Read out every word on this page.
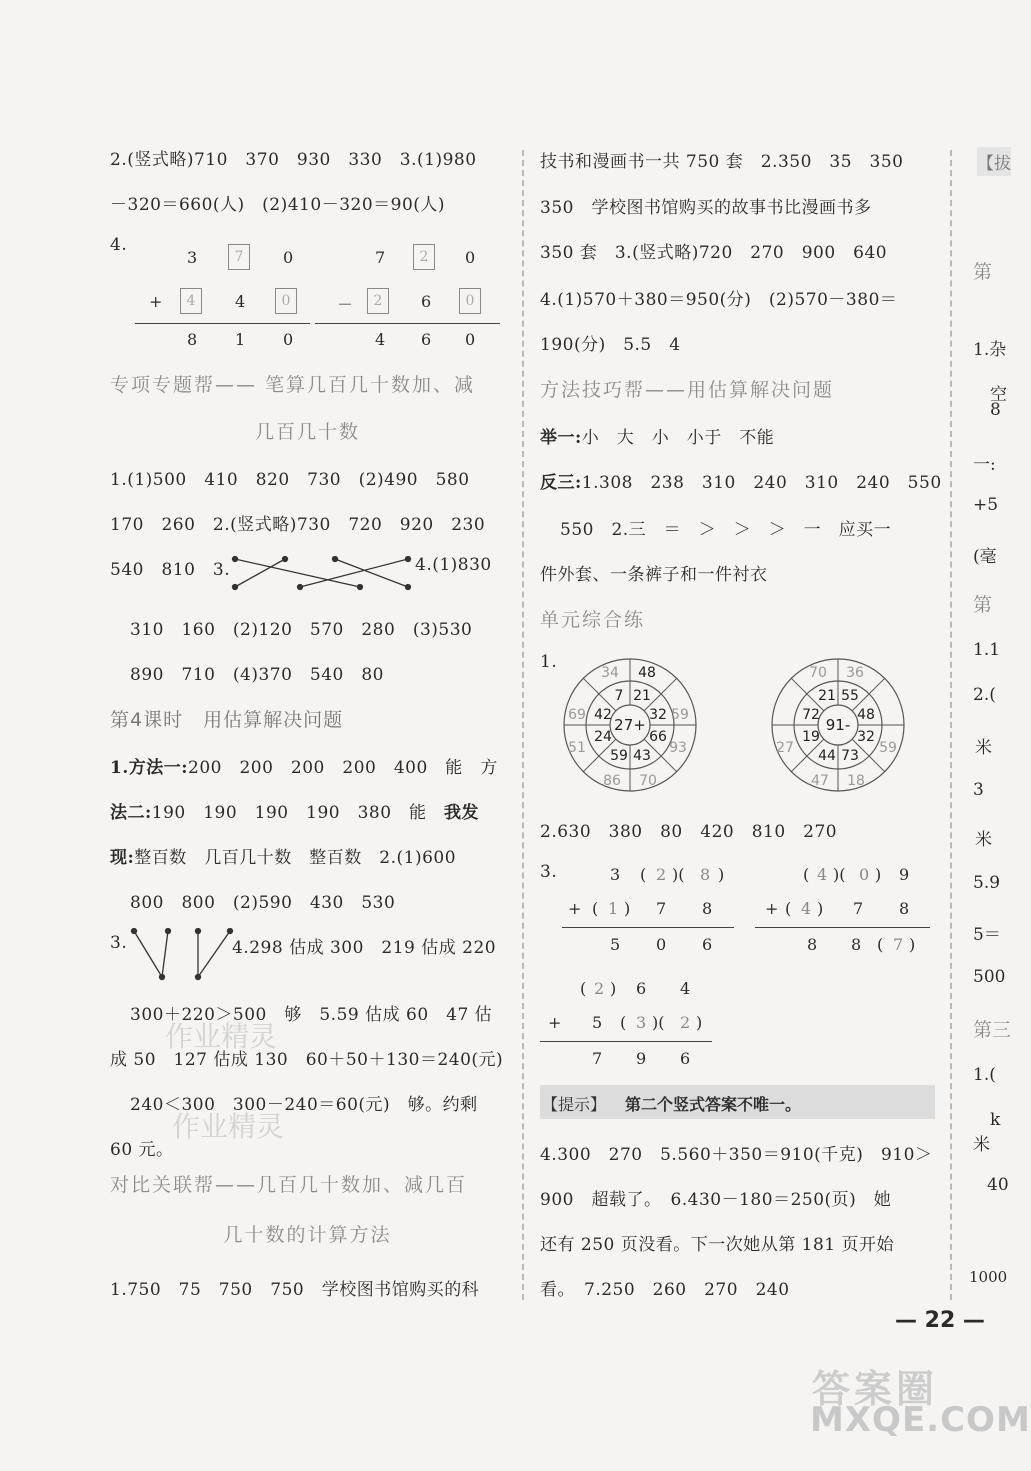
2.(竖式略)710　370　930　330　3.(1)980
－320＝660(人)　(2)410－320＝90(人)
4.
3	7	0
+	4	4	0
8 1 0
7	2	0
－	2	6	0
4 6 0
专项专题帮—— 笔算几百几十数加、减
几百几十数
1.(1)500　410　820　730　(2)490　580
170　260　2.(竖式略)730　720　920　230
540　810　3.	4.(1)830
310　160　(2)120　570　280　(3)530
890　710　(4)370　540　80
第4课时　用估算解决问题
1.方法一:200　200　200　200　400　能　方
法二:190　190　190　190　380　能　我发
现:整百数　几百几十数　整百数　2.(1)600
800　800　(2)590　430　530
3.	4.298 估成 300　219 估成 220
300＋220＞500　够　5.59 估成 60　47 估
成 50　127 估成 130　60＋50＋130＝240(元)
240＜300　300－240＝60(元)　够。约剩
60 元。
对比关联帮——几百几十数加、减几百
几十数的计算方法
1.750　75　750　750　学校图书馆购买的科
作业精灵
作业精灵
技书和漫画书一共 750 套　2.350　35　350
350　学校图书馆购买的故事书比漫画书多
350 套　3.(竖式略)720　270　900　640
4.(1)570＋380＝950(分)　(2)570－380＝
190(分)　5.5　4
方法技巧帮——用估算解决问题
举一:小　大　小　小于　不能
反三:1.308　238　310　240　310　240　550
550　2.三　＝　＞　＞　＞　一　应买一
件外套、一条裤子和一件衬衣
单元综合练
1.
27+
7 21
32
66
43
59
24
42
48
59
93
70
86
51
69
34
91-
21 55
48
32
73
44
19
72
36
59
18
47
27
70
2.630　380　80　420　810　270
3.	3 ( 2 )( 8 )
+ ( 1 ) 7 8
5 0 6
( 4 )( 0 ) 9
+ ( 4 ) 7 8
8 8 ( 7 )
( 2 ) 6 4
+ 5 ( 3 )( 2 )
7 9 6
【提示】 第二个竖式答案不唯一。
4.300　270　5.560＋350＝910(千克)　910＞
900　超载了。　6.430－180＝250(页)　她
还有 250 页没看。下一次她从第 181 页开始
看。　7.250　260　270　240
【拔
第
1.杂
空
8
一:
+5
(毫
第
1.1
2.(
米
3
米
5.9
5＝
500
第三
1.(
k
米
40
1000
— 22 —
答案圈
MXQE.COM
